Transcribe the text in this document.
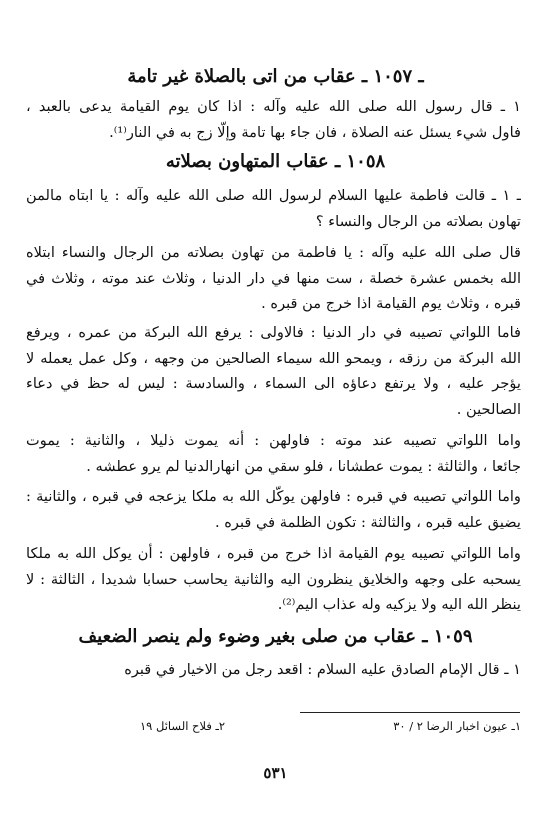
ـ ١٠٥٧ ـ عقاب من اتى بالصلاة غير تامة
١ ـ قال رسول الله صلى الله عليه وآله : اذا كان يوم القيامة يدعى بالعبد ،
فاول شيء يسئل عنه الصلاة ، فان جاء بها تامة وإلّا زج به في النار⁽¹⁾.
١٠٥٨ ـ عقاب المتهاون بصلاته
ـ ١ ـ قالت فاطمة عليها السلام لرسول الله صلى الله عليه وآله : يا ابتاه مالمن
تهاون بصلاته من الرجال والنساء ؟
قال صلى الله عليه وآله : يا فاطمة من تهاون بصلاته من الرجال والنساء ابتلاه
الله بخمس عشرة خصلة ، ست منها في دار الدنيا ، وثلاث عند موته ، وثلاث في
قبره ، وثلاث يوم القيامة اذا خرج من قبره .
فاما اللواتي تصيبه في دار الدنيا : فالاولى : يرفع الله البركة من عمره ، ويرفع
الله البركة من رزقه ، ويمحو الله سيماء الصالحين من وجهه ، وكل عمل يعمله لا
يؤجر عليه ، ولا يرتفع دعاؤه الى السماء ، والسادسة : ليس له حظ في دعاء
الصالحين .
واما اللواتي تصيبه عند موته : فاولهن : أنه يموت ذليلا ، والثانية : يموت
جائعا ، والثالثة : يموت عطشانا ، فلو سقي من انهارالدنيا لم يرو عطشه .
واما اللواتي تصيبه في قبره : فاولهن يوكّل الله به ملكا يزعجه في قبره ، والثانية :
يضيق عليه قبره ، والثالثة : تكون الظلمة في قبره .
واما اللواتي تصيبه يوم القيامة اذا خرج من قبره ، فاولهن : أن يوكل الله به ملكا
يسحبه على وجهه والخلايق ينظرون اليه والثانية يحاسب حسابا شديدا ، الثالثة : لا
ينظر الله اليه ولا يزكيه وله عذاب اليم⁽²⁾.
١٠٥٩ ـ عقاب من صلى بغير وضوء ولم ينصر الضعيف
١ ـ قال الإمام الصادق عليه السلام : اقعد رجل من الاخيار في قبره
١ـ عيون اخبار الرضا ٢ / ٣٠
٢ـ فلاح السائل ١٩
٥٣١
